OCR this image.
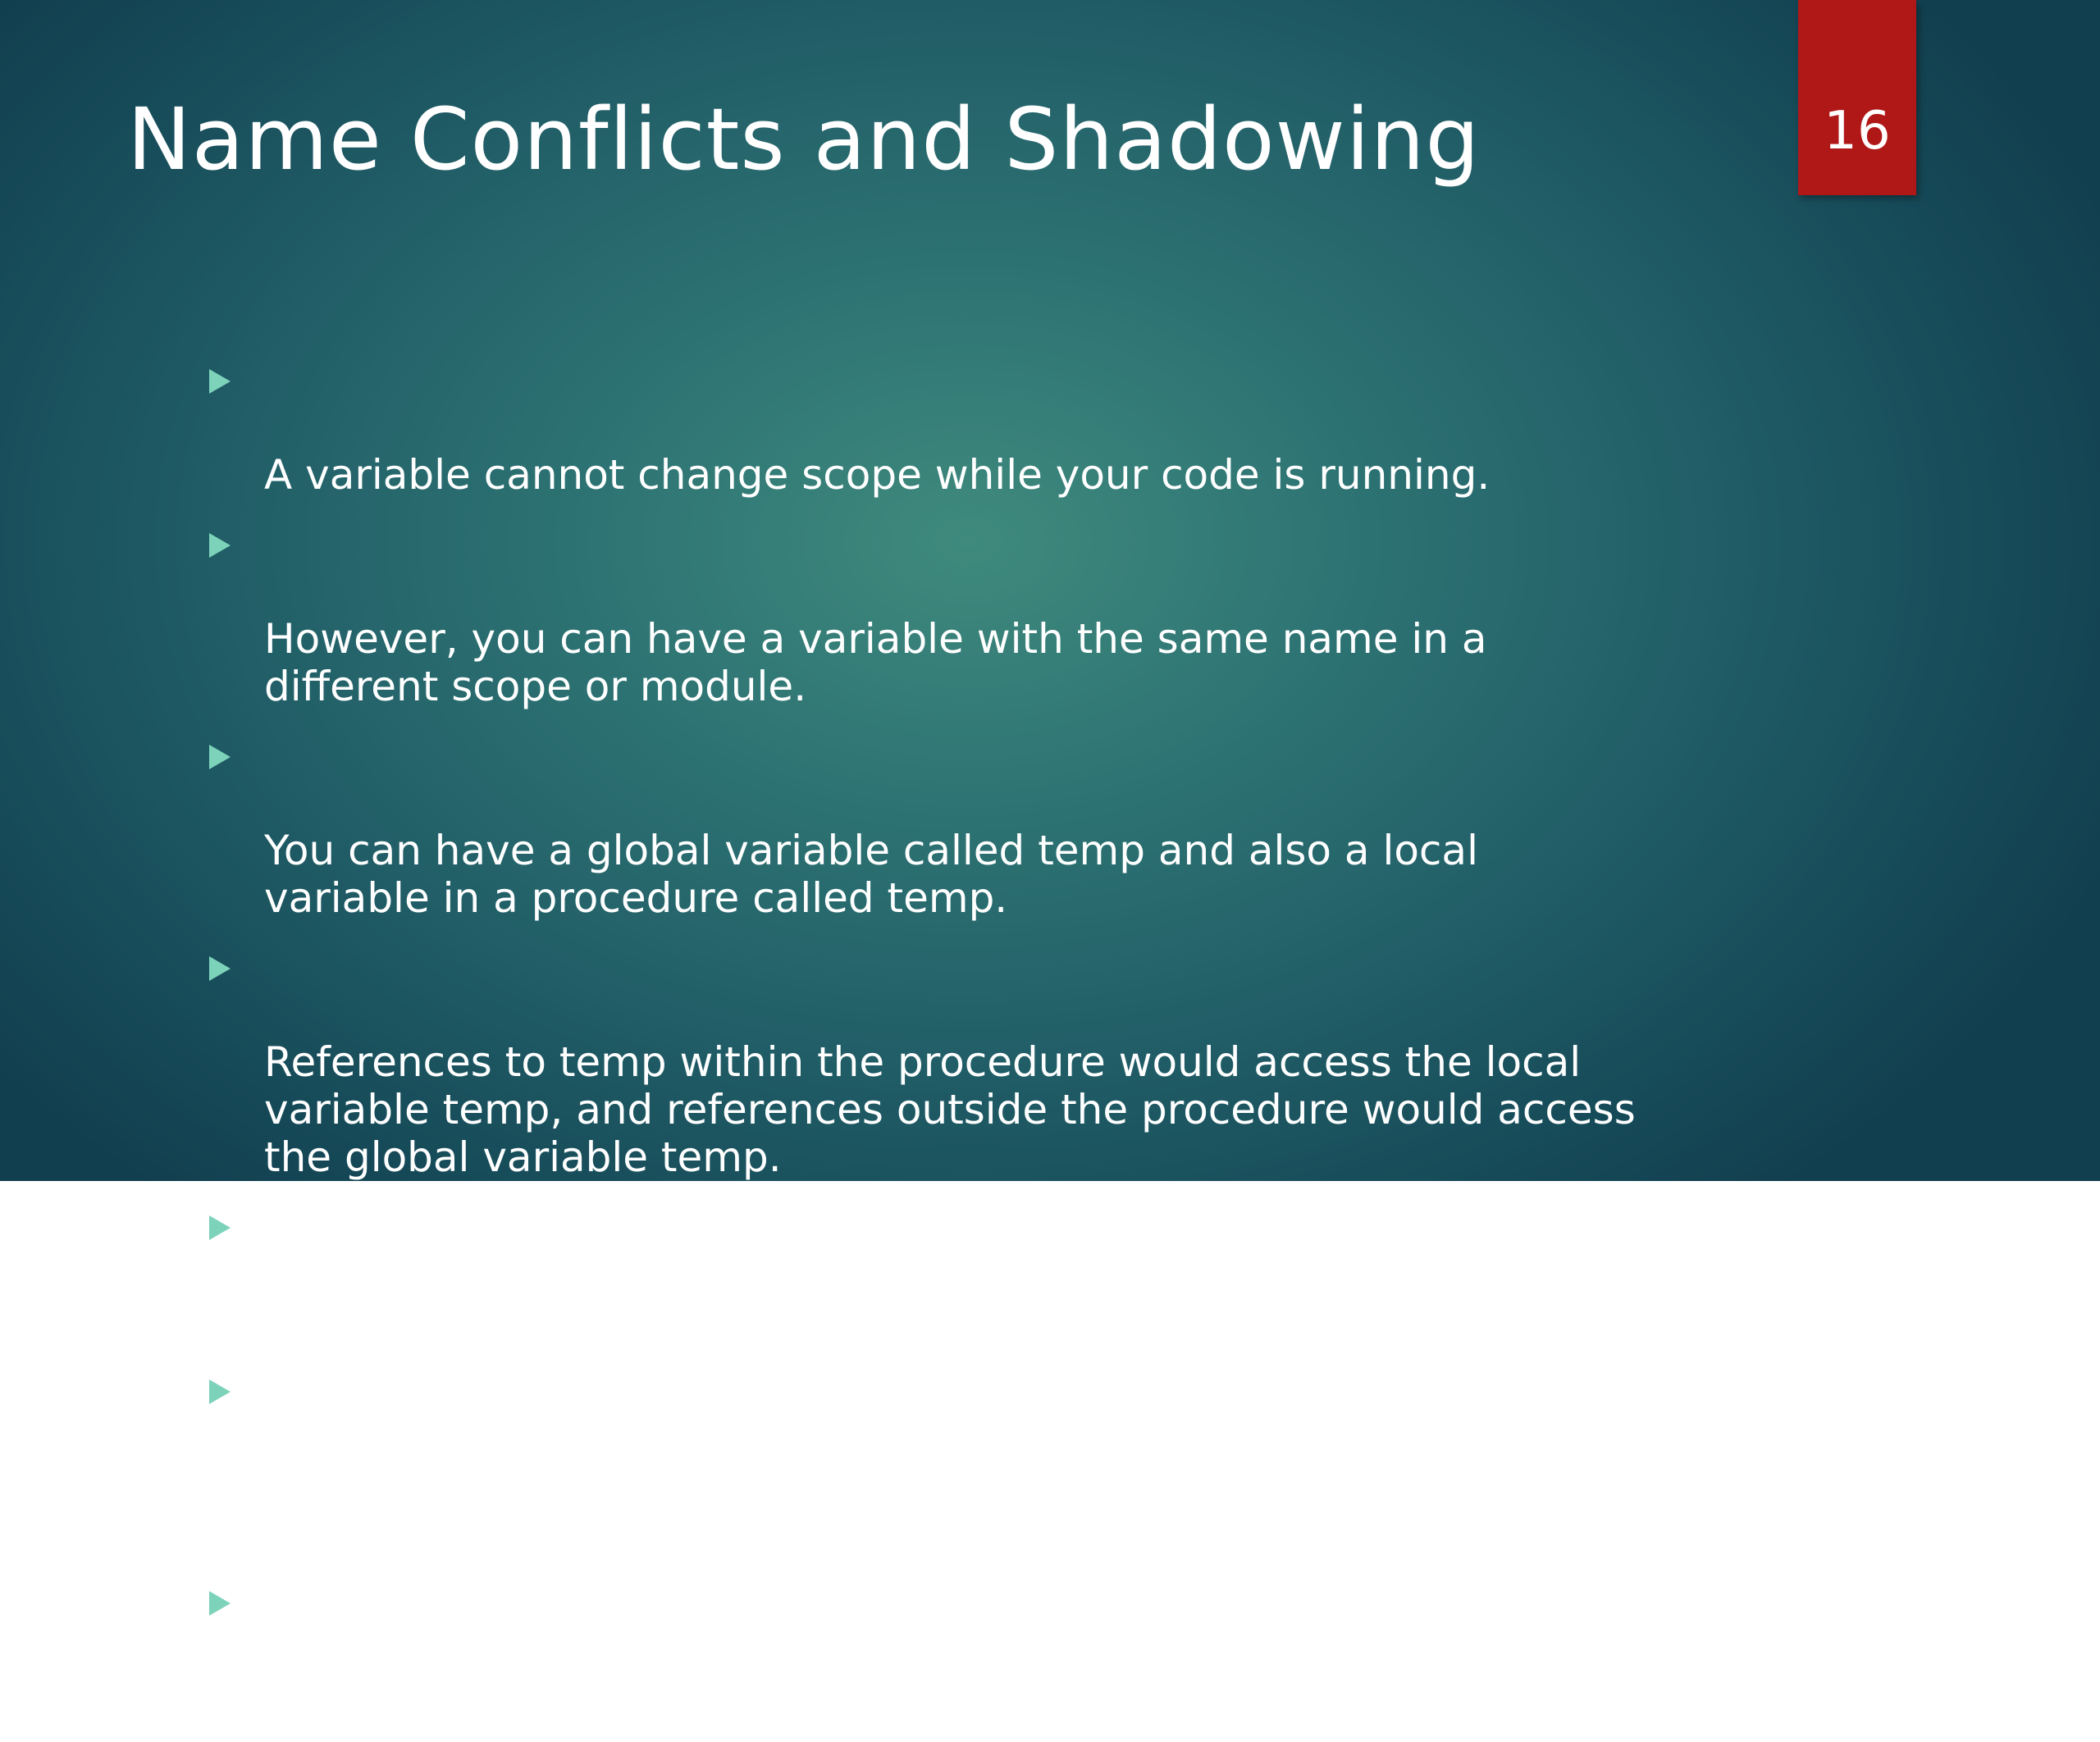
Name Conflicts and Shadowing	16

A variable cannot change scope while your code is running.

However, you can have a variable with the same name in a
different scope or module.

You can have a global variable called temp and also a local
variable in a procedure called temp.

References to temp within the procedure would access the local
variable temp, and references outside the procedure would access
the global variable temp.

In this case, the local variable shadows the global variable.

The only way to use the global variable over the local variable is to
give it a different name.

The best way is to use unique names for all variables.
